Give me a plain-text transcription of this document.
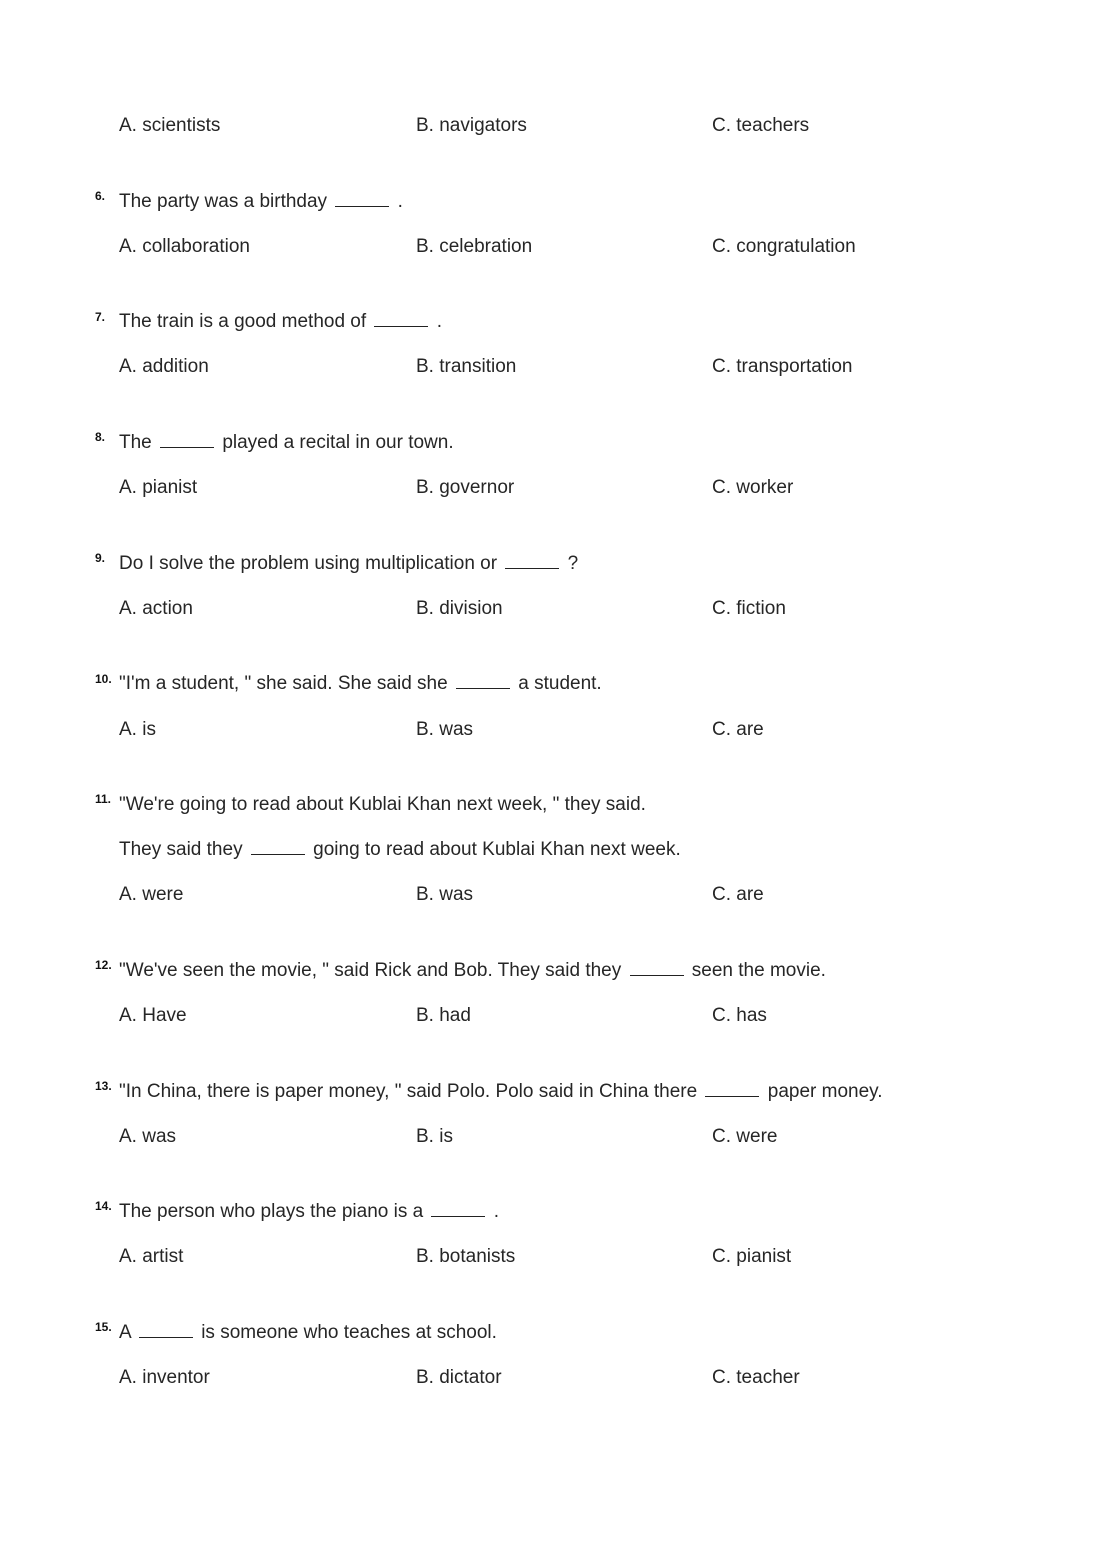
A. scientists	B. navigators	C. teachers
6. The party was a birthday	.
A. collaboration	B. celebration	C. congratulation
7. The train is a good method of	.
A. addition	B. transition	C. transportation
8. The	played a recital in our town.
A. pianist	B. governor	C. worker
9. Do I solve the problem using multiplication or	?
A. action	B. division	C. fiction
10. "I'm a student, " she said. She said she	a student.
A. is	B. was	C. are
11. "We're going to read about Kublai Khan next week, " they said.
They said they	going to read about Kublai Khan next week.
A. were	B. was	C. are
12. "We've seen the movie, " said Rick and Bob. They said they	seen the movie.
A. Have	B. had	C. has
13. "In China, there is paper money, " said Polo. Polo said in China there	paper money.
A. was	B. is	C. were
14. The person who plays the piano is a	.
A. artist	B. botanists	C. pianist
15. A	is someone who teaches at school.
A. inventor	B. dictator	C. teacher
